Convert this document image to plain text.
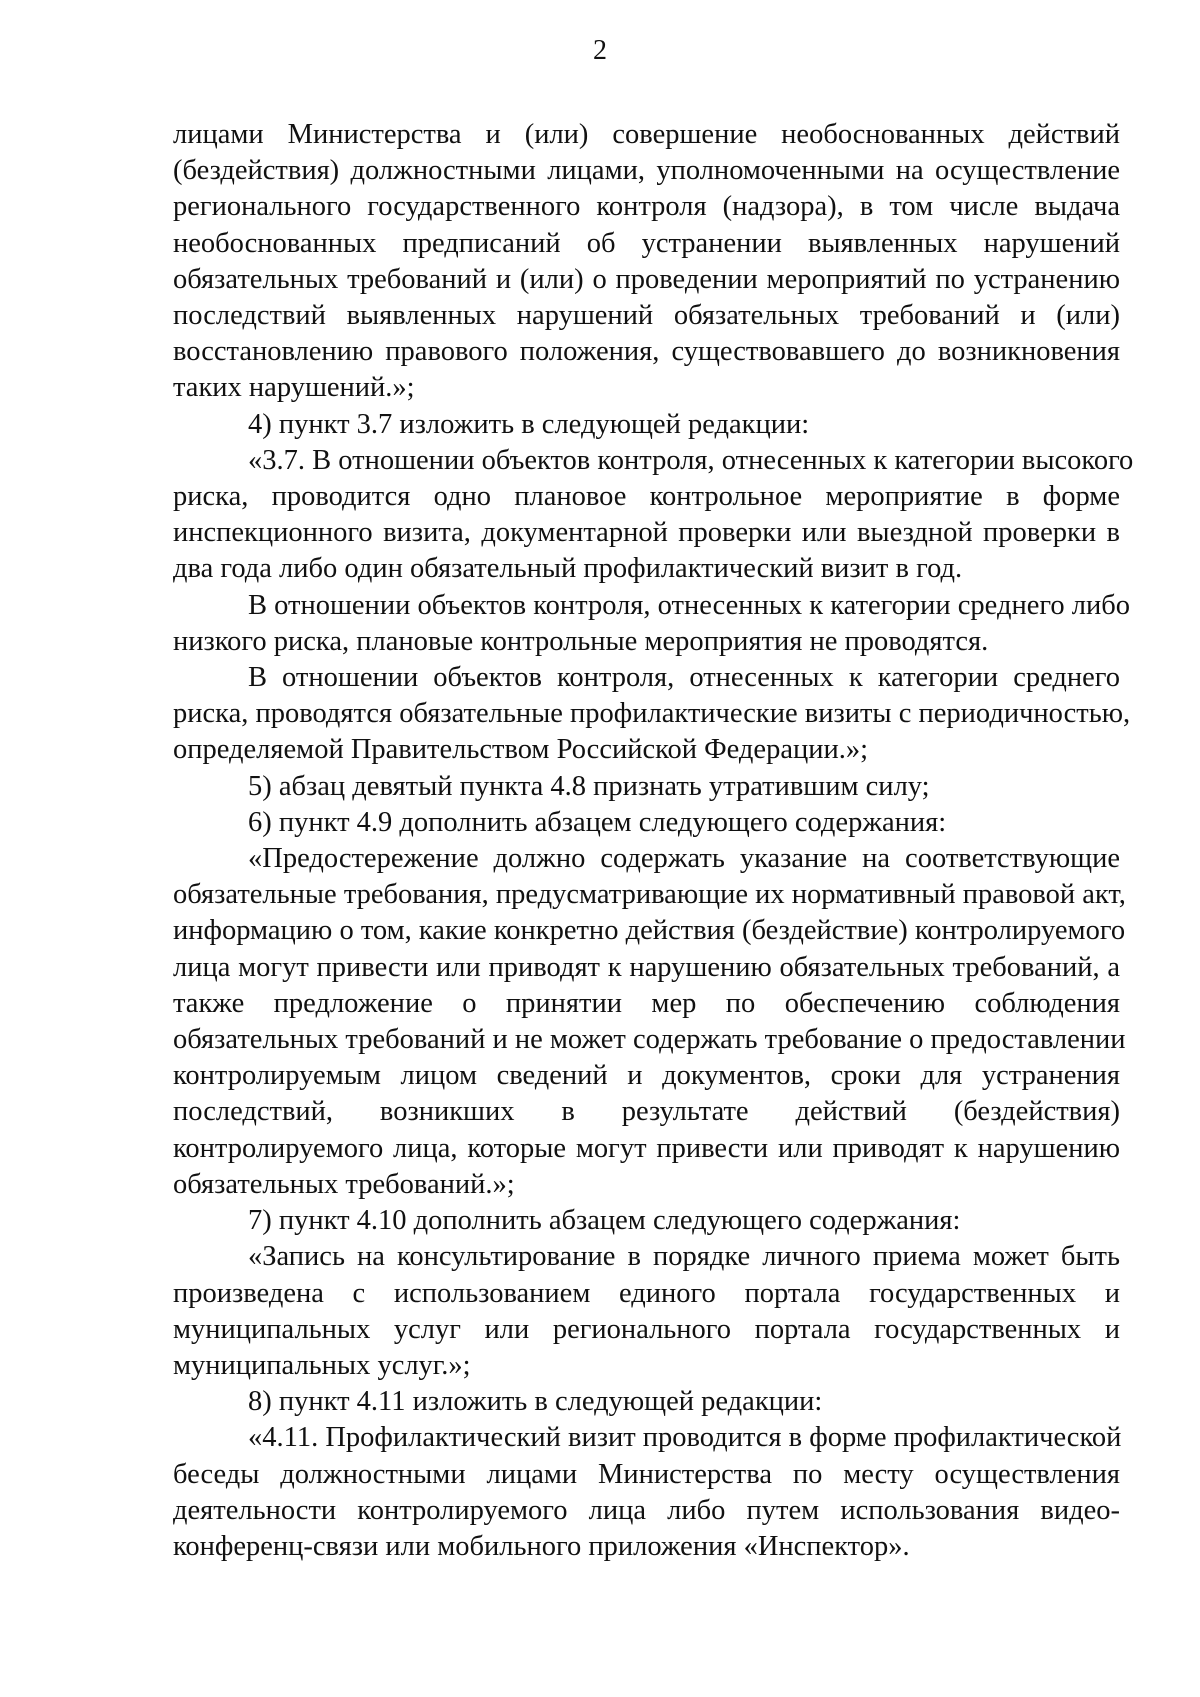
2
лицами Министерства и (или) совершение необоснованных действий
(бездействия) должностными лицами, уполномоченными на осуществление
регионального государственного контроля (надзора), в том числе выдача
необоснованных предписаний об устранении выявленных нарушений
обязательных требований и (или) о проведении мероприятий по устранению
последствий выявленных нарушений обязательных требований и (или)
восстановлению правового положения, существовавшего до возникновения
таких нарушений.»;
4) пункт 3.7 изложить в следующей редакции:
«3.7. В отношении объектов контроля, отнесенных к категории высокого
риска, проводится одно плановое контрольное мероприятие в форме
инспекционного визита, документарной проверки или выездной проверки в
два года либо один обязательный профилактический визит в год.
В отношении объектов контроля, отнесенных к категории среднего либо
низкого риска, плановые контрольные мероприятия не проводятся.
В отношении объектов контроля, отнесенных к категории среднего
риска, проводятся обязательные профилактические визиты с периодичностью,
определяемой Правительством Российской Федерации.»;
5) абзац девятый пункта 4.8 признать утратившим силу;
6) пункт 4.9 дополнить абзацем следующего содержания:
«Предостережение должно содержать указание на соответствующие
обязательные требования, предусматривающие их нормативный правовой акт,
информацию о том, какие конкретно действия (бездействие) контролируемого
лица могут привести или приводят к нарушению обязательных требований, а
также предложение о принятии мер по обеспечению соблюдения
обязательных требований и не может содержать требование о предоставлении
контролируемым лицом сведений и документов, сроки для устранения
последствий, возникших в результате действий (бездействия)
контролируемого лица, которые могут привести или приводят к нарушению
обязательных требований.»;
7) пункт 4.10 дополнить абзацем следующего содержания:
«Запись на консультирование в порядке личного приема может быть
произведена с использованием единого портала государственных и
муниципальных услуг или регионального портала государственных и
муниципальных услуг.»;
8) пункт 4.11 изложить в следующей редакции:
«4.11. Профилактический визит проводится в форме профилактической
беседы должностными лицами Министерства по месту осуществления
деятельности контролируемого лица либо путем использования видео-
конференц-связи или мобильного приложения «Инспектор».
